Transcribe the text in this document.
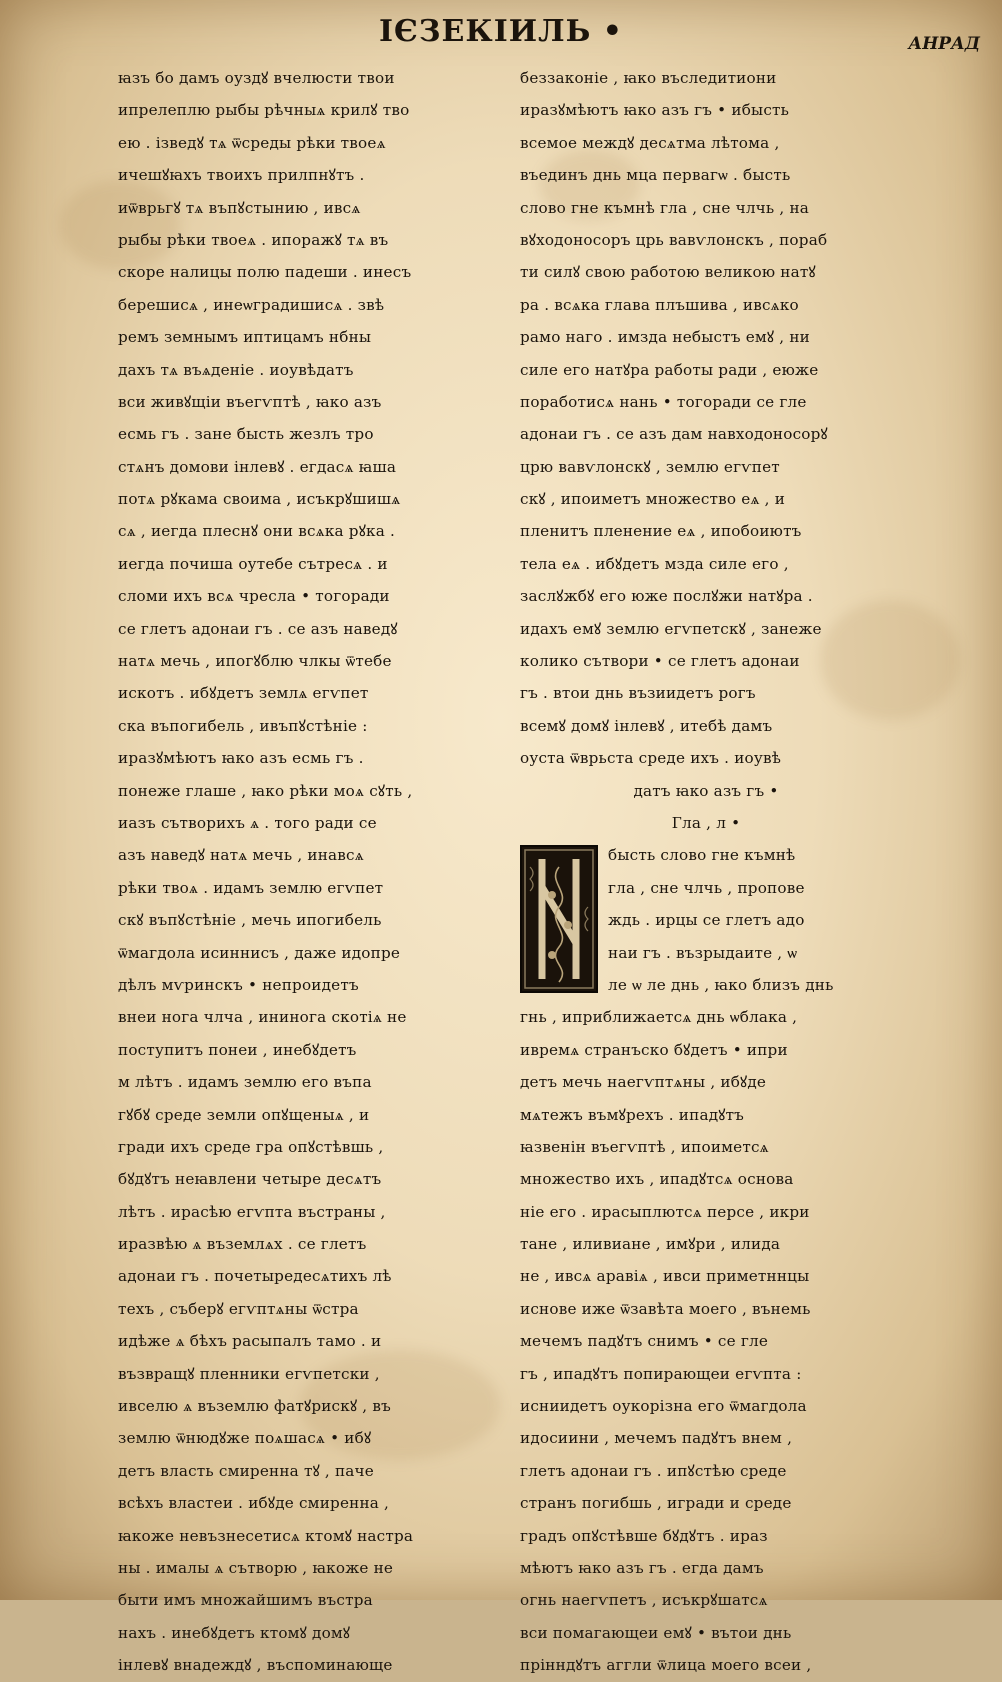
ІЄЗЕКІИЛЬ •	АНРАД
ꙗзъ бо дамъ оуздꙋ вчелюсти твои
ипрелеплю рыбы рѣчныѧ крилꙋ тво
ею . ізведꙋ тѧ ѿсреды рѣки твоеѧ
ичешꙋꙗхъ твоихъ прилпнꙋтъ .
иѿврьгꙋ тѧ въпꙋстынию , ивсѧ
рыбы рѣки твоеѧ . ипоражꙋ тѧ въ
скоре налицы полю падеши . инесъ
берешисѧ , инеѡградишисѧ . звѣ
ремъ земнымъ иптицамъ нбны
дахъ тѧ въѧденіе . иоувѣдатъ
вси живꙋщіи въегѵптѣ , ꙗко азъ
есмь гъ . зане бысть жезлъ тро
стѧнъ домови інлевꙋ . егдасѧ ꙗша
потѧ рꙋкама своима , исъкрꙋшишѧ
сѧ , иегда плеснꙋ они всѧка рꙋка .
иегда почиша оутебе сътресѧ . и
сломи ихъ всѧ чресла • тогоради
се глетъ адонаи гъ . се азъ наведꙋ
натѧ мечь , ипогꙋблю члкы ѿтебе
искотъ . ибꙋдетъ землѧ егѵпет
ска въпогибель , ивъпꙋстѣніе :
иразꙋмѣютъ ꙗко азъ есмь гъ .
понеже глаше , ꙗко рѣки моѧ сꙋть ,
иазъ сътворихъ ѧ . того ради се
азъ наведꙋ натѧ мечь , инавсѧ
рѣки твоѧ . идамъ землю егѵпет
скꙋ въпꙋстѣніе , мечь ипогибель
ѿмагдола исиннисъ , даже идопре
дѣлъ мѵринскъ • непроидетъ
внеи нога члча , ининога скотіѧ не
поступитъ понеи , инебꙋдетъ
м лѣтъ . идамъ землю его въпа
гꙋбꙋ среде земли опꙋщеныѧ , и
гради ихъ среде гра опꙋстѣвшь ,
бꙋдꙋтъ неꙗвлени четыре десѧтъ
лѣтъ . ирасѣю егѵпта въстраны ,
иразвѣю ѧ въземлѧх . се глетъ
адонаи гъ . почетыредесѧтихъ лѣ
техъ , съберꙋ егѵптѧны ѿстра
идѣже ѧ бѣхъ расыпалъ тамо . и
възвращꙋ пленники егѵпетски ,
ивселю ѧ въземлю фатꙋрискꙋ , въ
землю ѿнюдꙋже поѧшасѧ • ибꙋ
детъ власть смиренна тꙋ , паче
всѣхъ властеи . ибꙋде смиренна ,
ꙗкоже невъзнесетисѧ ктомꙋ настра
ны . ималы ѧ сътворю , ꙗкоже не
быти имъ множайшимъ въстра
нахъ . инебꙋдетъ ктомꙋ домꙋ
інлевꙋ внадеждꙋ , въспоминающе
беззаконіе , ꙗко въследитиони
иразꙋмѣютъ ꙗко азъ гъ • ибысть
всемое междꙋ десѧтма лѣтома ,
въединъ днь мца первагѡ . бысть
слово гне къмнѣ гла , сне члчь , на
вꙋходоносоръ црь вавѵлонскъ , пораб
ти силꙋ свою работою великою натꙋ
ра . всѧка глава плъшива , ивсѧко
рамо наго . имзда небыстъ емꙋ , ни
силе его натꙋра работы ради , еюже
поработисѧ нань • тогоради се гле
адонаи гъ . се азъ дам навходоносорꙋ
црю вавѵлонскꙋ , землю егѵпет
скꙋ , ипоиметъ множество еѧ , и
пленитъ пленение еѧ , ипобоиютъ
тела еѧ . ибꙋдетъ мзда силе его ,
заслꙋжбꙋ его юже послꙋжи натꙋра .
идахъ емꙋ землю егѵпетскꙋ , занеже
колико сътвори • се глетъ адонаи
гъ . втои днь възиидетъ рогъ
всемꙋ домꙋ інлевꙋ , итебѣ дамъ
оуста ѿврьста среде ихъ . иоувѣ
датъ ꙗко азъ гъ •
Гла , л •
бысть слово гне къмнѣ
гла , сне члчь , пропове
ждь . ирцы се глетъ адо
наи гъ . възрыдаите , ѡ
ле ѡ ле днь , ꙗко близъ днь
гнь , иприближаетсѧ днь ѡблака ,
ивремѧ странъско бꙋдетъ • ипри
детъ мечь наегѵптѧны , ибꙋде
мѧтежъ въмꙋрехъ . ипадꙋтъ
ꙗзвенін въегѵптѣ , ипоиметсѧ
множество ихъ , ипадꙋтсѧ основа
ніе его . ирасыплютсѧ персе , икри
тане , иливиане , имꙋри , илида
не , ивсѧ аравіѧ , ивси приметннцы
иснове иже ѿзавѣта моего , вънемь
мечемъ падꙋтъ снимъ • се гле
гъ , ипадꙋтъ попирающеи егѵпта :
исниидетъ оукорізна его ѿмагдола
идосиини , мечемъ падꙋтъ внем ,
глетъ адонаи гъ . ипꙋстѣю среде
странъ погибшь , игради и среде
градъ опꙋстѣвше бꙋдꙋтъ . ираз
мѣютъ ꙗко азъ гъ . егда дамъ
огнь наегѵпетъ , исъкрꙋшатсѧ
вси помагающеи емꙋ • вътои днь
прінндꙋтъ аггли ѿлица моего всеи ,
